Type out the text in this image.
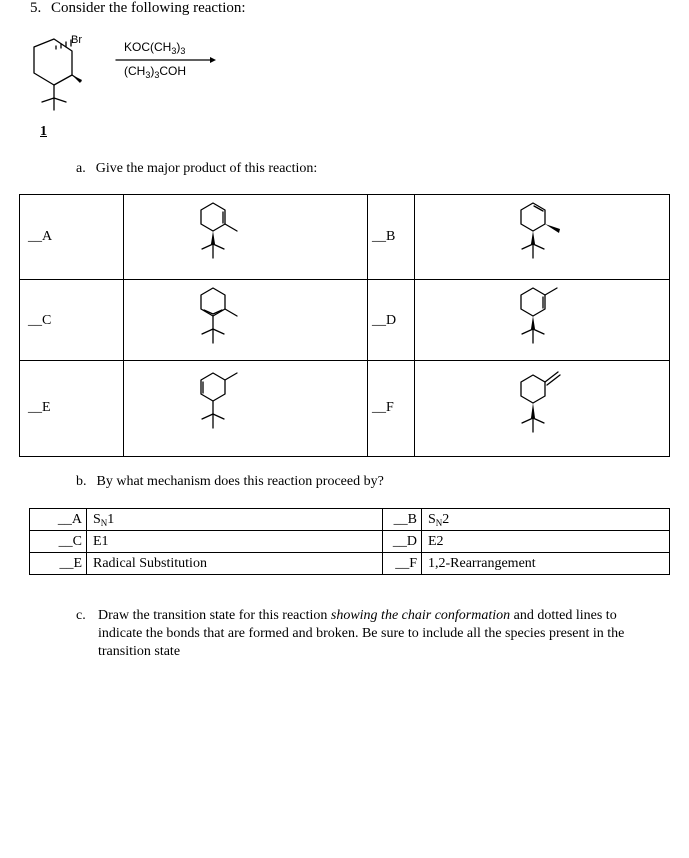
5. Consider the following reaction:
Br	$KOC(CH_3)_3$
$(CH_3)_3COH$
1
a. Give the major product of this reaction:
__A		__B	

__C		__D	

__E		__F	

b. By what mechanism does this reaction proceed by?
__A	$S_N1$	__B	$S_N2$
__C	E1	__D	E2
__E	Radical Substitution	__F	1,2-Rearrangement
c. Draw the transition state for this reaction showing the chair conformation and dotted lines to indicate the bonds that are formed and broken. Be sure to include all the species present in the transition state
